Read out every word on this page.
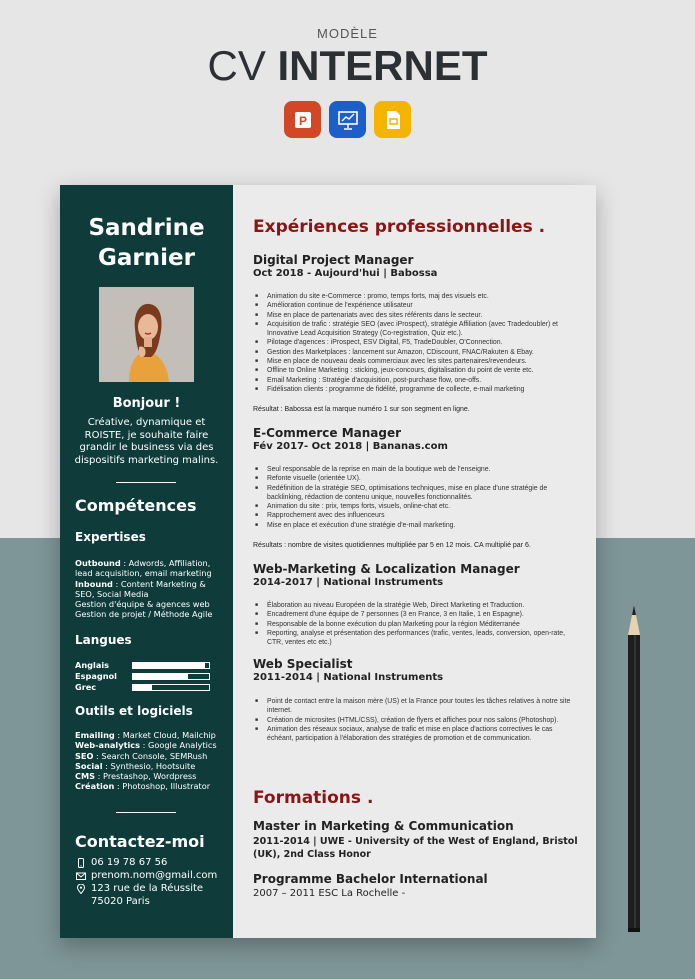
MODÈLE
CV INTERNET
P
Sandrine
Garnier
Bonjour !
Créative, dynamique et ROISTE, je souhaite faire grandir le business via des dispositifs marketing malins.
Compétences
Expertises
Outbound : Adwords, Affiliation, lead acquisition, email marketing
Inbound : Content Marketing & SEO, Social Media
Gestion d'équipe & agences web
Gestion de projet / Méthode Agile
Langues
Anglais
Espagnol
Grec
Outils et logiciels
Emailing : Market Cloud, Mailchip
Web-analytics : Google Analytics
SEO : Search Console, SEMRush
Social : Synthesio, Hootsuite
CMS : Prestashop, Wordpress
Création : Photoshop, Illustrator
Contactez-moi
06 19 78 67 56
prenom.nom@gmail.com
123 rue de la Réussite
75020 Paris
Expériences professionnelles .
Digital Project Manager
Oct 2018 - Aujourd'hui | Babossa
■ Animation du site e-Commerce : promo, temps forts, maj des visuels etc.
■ Amélioration continue de l'expérience utilisateur
■ Mise en place de partenariats avec des sites référents dans le secteur.
■ Acquisition de trafic : stratégie SEO (avec iProspect), stratégie Affiliation (avec Tradedoubler) et Innovative Lead Acquisition Strategy (Co-registration, Quiz etc.).
■ Pilotage d'agences : iProspect, ESV Digital, F5, TradeDoubler, O'Connection.
■ Gestion des Marketplaces : lancement sur Amazon, CDiscount, FNAC/Rakuten & Ebay.
■ Mise en place de nouveau deals commerciaux avec les sites partenaires/revendeurs.
■ Offline to Online Marketing : sticking, jeux-concours, digitalisation du point de vente etc.
■ Email Marketing : Stratégie d'acquisition, post-purchase flow, one-offs.
■ Fidélisation clients : programme de fidélité, programme de collecte, e-mail marketing
Résultat : Babossa est la marque numéro 1 sur son segment en ligne.
E-Commerce Manager
Fév 2017- Oct 2018 | Bananas.com
■ Seul responsable de la reprise en main de la boutique web de l'enseigne.
■ Refonte visuelle (orientée UX).
■ Redéfinition de la stratégie SEO, optimisations techniques, mise en place d'une stratégie de backlinking, rédaction de contenu unique, nouvelles fonctionnalités.
■ Animation du site : prix, temps forts, visuels, online-chat etc.
■ Rapprochement avec des influenceurs
■ Mise en place et exécution d'une stratégie d'e-mail marketing.
Résultats : nombre de visites quotidiennes multipliée par 5 en 12 mois. CA multiplié par 6.
Web-Marketing & Localization Manager
2014-2017 | National Instruments
■ Élaboration au niveau Européen de la stratégie Web, Direct Marketing et Traduction.
■ Encadrement d'une équipe de 7 personnes (3 en France, 3 en Italie, 1 en Espagne).
■ Responsable de la bonne exécution du plan Marketing pour la région Méditerranée
■ Reporting, analyse et présentation des performances (trafic, ventes, leads, conversion, open-rate, CTR, ventes etc etc.)
Web Specialist
2011-2014 | National Instruments
■ Point de contact entre la maison mère (US) et la France pour toutes les tâches relatives à notre site internet.
■ Création de microsites (HTML/CSS), création de flyers et affiches pour nos salons (Photoshop).
■ Animation des réseaux sociaux, analyse de trafic et mise en place d'actions correctives le cas échéant, participation à l'élaboration des stratégies de promotion et de communication.
Formations .
Master in Marketing & Communication
2011-2014 | UWE - University of the West of England, Bristol (UK), 2nd Class Honor
Programme Bachelor International
2007 – 2011 ESC La Rochelle -
